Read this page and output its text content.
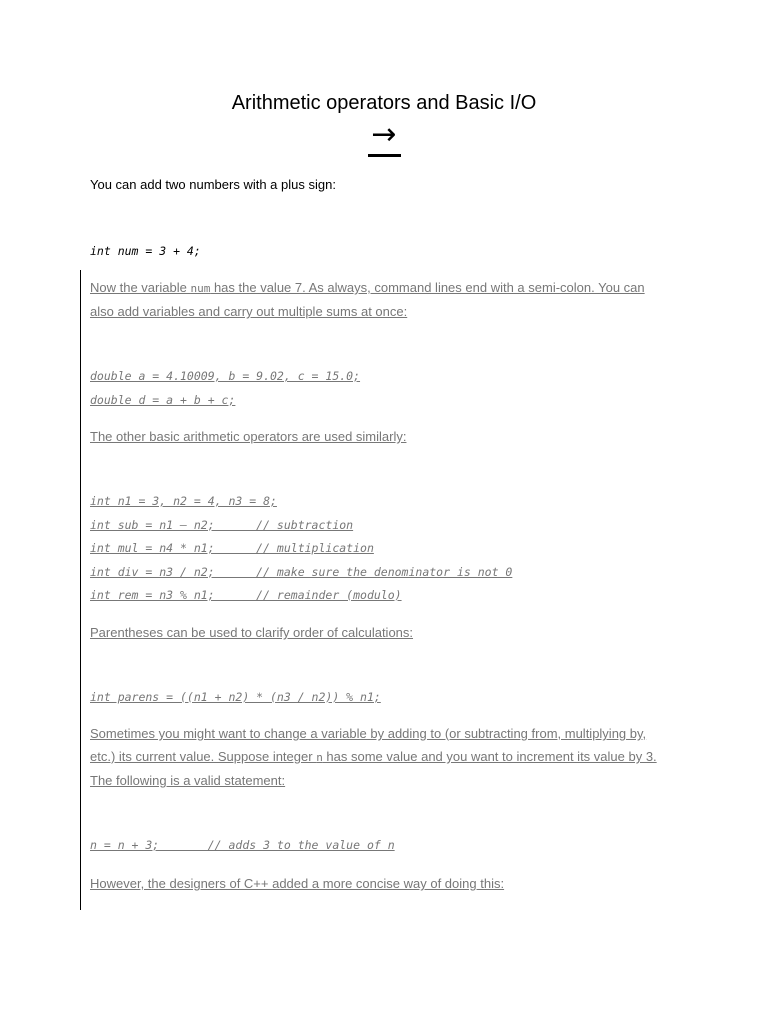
Arithmetic operators and Basic I/O
→
You can add two numbers with a plus sign:
int num = 3 + 4;

Now the variable num has the value 7. As always, command lines end with a semi-colon. You can

also add variables and carry out multiple sums at once:

double a = 4.10009, b = 9.02, c = 15.0;
double d = a + b + c;

The other basic arithmetic operators are used similarly:

int n1 = 3, n2 = 4, n3 = 8;
int sub = n1 – n2;      // subtraction
int mul = n4 * n1;      // multiplication
int div = n3 / n2;      // make sure the denominator is not 0
int rem = n3 % n1;      // remainder (modulo)

Parentheses can be used to clarify order of calculations:

int parens = ((n1 + n2) * (n3 / n2)) % n1;

Sometimes you might want to change a variable by adding to (or subtracting from, multiplying by,

etc.) its current value. Suppose integer n has some value and you want to increment its value by 3.

The following is a valid statement:

n = n + 3;       // adds 3 to the value of n

However, the designers of C++ added a more concise way of doing this:
